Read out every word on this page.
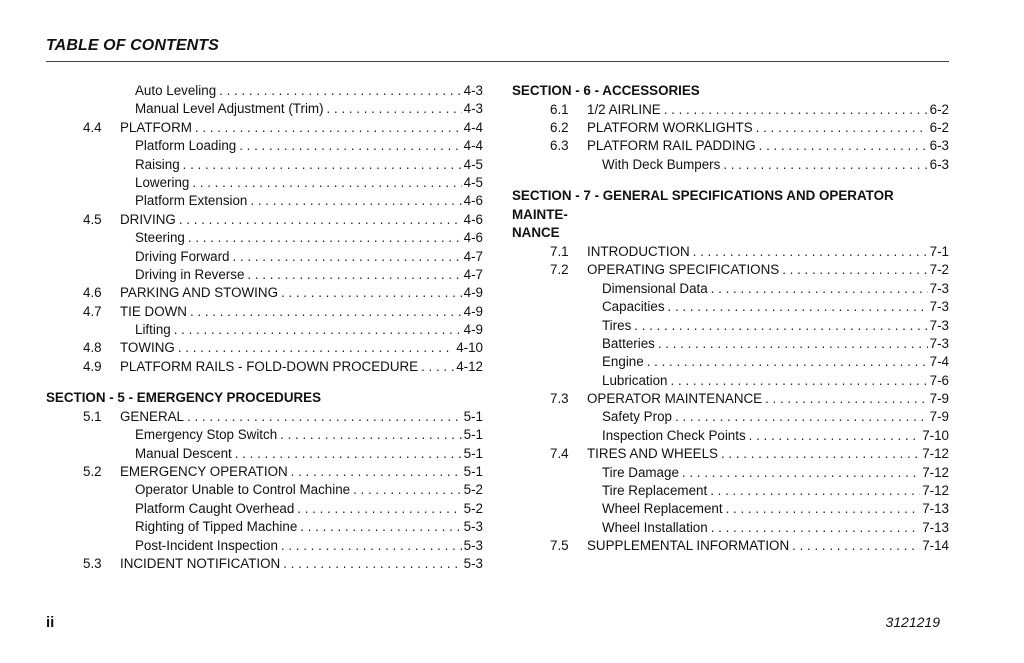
TABLE OF CONTENTS
Auto Leveling . . .	4-3
Manual Level Adjustment (Trim) . . .	4-3
4.4 PLATFORM . . .	4-4
Platform Loading . . .	4-4
Raising . . .	4-5
Lowering . . .	4-5
Platform Extension . . .	4-6
4.5 DRIVING . . .	4-6
Steering . . .	4-6
Driving Forward . . .	4-7
Driving in Reverse . . .	4-7
4.6 PARKING AND STOWING . . .	4-9
4.7 TIE DOWN . . .	4-9
Lifting . . .	4-9
4.8 TOWING . . .	4-10
4.9 PLATFORM RAILS - FOLD-DOWN PROCEDURE . . .	4-12
SECTION - 5 - EMERGENCY PROCEDURES
5.1 GENERAL . . .	5-1
Emergency Stop Switch . . .	5-1
Manual Descent . . .	5-1
5.2 EMERGENCY OPERATION . . .	5-1
Operator Unable to Control Machine . . .	5-2
Platform Caught Overhead . . .	5-2
Righting of Tipped Machine . . .	5-3
Post-Incident Inspection . . .	5-3
5.3 INCIDENT NOTIFICATION . . .	5-3
SECTION - 6 - ACCESSORIES
6.1 1/2 AIRLINE . . .	6-2
6.2 PLATFORM WORKLIGHTS . . .	6-2
6.3 PLATFORM RAIL PADDING . . .	6-3
With Deck Bumpers . . .	6-3
SECTION - 7 - GENERAL SPECIFICATIONS AND OPERATOR MAINTE-
NANCE
7.1 INTRODUCTION . . .	7-1
7.2 OPERATING SPECIFICATIONS . . .	7-2
Dimensional Data . . .	7-3
Capacities . . .	7-3
Tires . . .	7-3
Batteries . . .	7-3
Engine . . .	7-4
Lubrication . . .	7-6
7.3 OPERATOR MAINTENANCE . . .	7-9
Safety Prop . . .	7-9
Inspection Check Points . . .	7-10
7.4 TIRES AND WHEELS . . .	7-12
Tire Damage . . .	7-12
Tire Replacement . . .	7-12
Wheel Replacement . . .	7-13
Wheel Installation . . .	7-13
7.5 SUPPLEMENTAL INFORMATION . . .	7-14
ii	3121219
